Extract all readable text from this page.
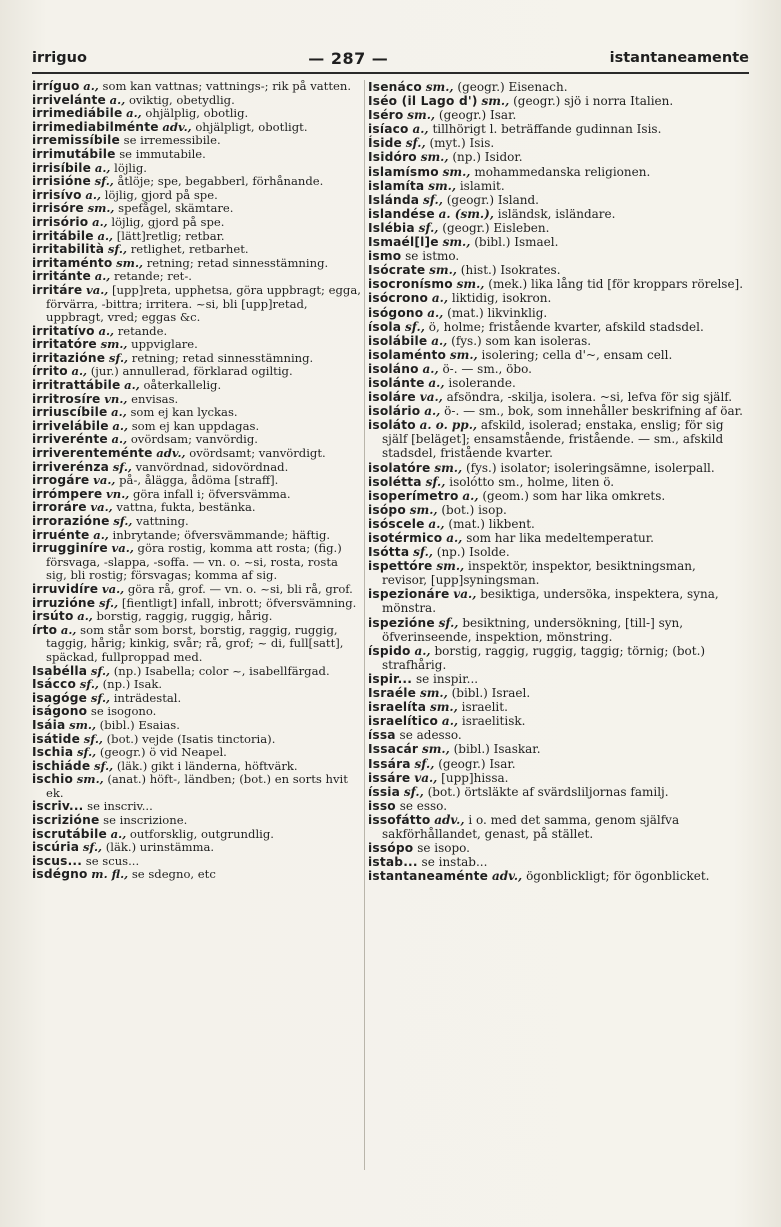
irriguo	— 287 —	istantaneamente

irríguo a., som kan vattnas; vattnings-; rik på vatten.

irrivelánte a., oviktig, obetydlig.

irrimediábile a., ohjälplig, obotlig.

irrimediabilménte adv., ohjälpligt, obotligt.

irremissíbile se irremessibile.

irrimutábile se immutabile.

irrisíbile a., löjlig.

irrisióne sf., åtlöje; spe, begabberl, förhånande.

irrisívo a., löjlig, gjord på spe.

irrisóre sm., spefågel, skämtare.

irrisório a., löjlig, gjord på spe.

irritábile a., [lätt]retlig; retbar.

irritabilità sf., retlighet, retbarhet.

irritaménto sm., retning; retad sinnesstämning.

irritánte a., retande; ret-.

irritáre va., [upp]reta, upphetsa, göra uppbragt; egga, förvärra, -bittra; irritera. ~si, bli [upp]retad, uppbragt, vred; eggas &c.

irritatívo a., retande.

irritatóre sm., uppviglare.

irritazióne sf., retning; retad sinnesstämning.

írrito a., (jur.) annullerad, förklarad ogiltig.

irritrattábile a., oåterkallelig.

irritrosíre vn., envisas.

irriuscíbile a., som ej kan lyckas.

irrivelábile a., som ej kan uppdagas.

irriverénte a., ovördsam; vanvördig.

irriverenteménte adv., ovördsamt; vanvördigt.

irriverénza sf., vanvördnad, sidovördnad.

irrogáre va., på-, ålägga, ådöma [straff].

irrómpere vn., göra infall i; öfversvämma.

irroráre va., vattna, fukta, bestänka.

irrorazióne sf., vattning.

irruénte a., inbrytande; öfversvämmande; häftig.

irrugginíre va., göra rostig, komma att rosta; (fig.) försvaga, -slappa, -soffa. — vn. o. ~si, rosta, rosta sig, bli rostig; försvagas; komma af sig.

irruvidíre va., göra rå, grof. — vn. o. ~si, bli rå, grof.

irruzióne sf., [fientligt] infall, inbrott; öfversvämning.

irsúto a., borstig, raggig, ruggig, hårig.

írto a., som står som borst, borstig, raggig, ruggig, taggig, hårig; kinkig, svår; rå, grof; ~ di, full[satt], späckad, fullproppad med.

Isabélla sf., (np.) Isabella; color ~, isabellfärgad.

Isácco sf., (np.) Isak.

isagóge sf., inträdestal.

iságono se isogono.

Isáia sm., (bibl.) Esaias.

isátide sf., (bot.) vejde (Isatis tinctoria).

Ischia sf., (geogr.) ö vid Neapel.

ischiáde sf., (läk.) gikt i länderna, höftvärk.

ischio sm., (anat.) höft-, ländben; (bot.) en sorts hvit ek.

iscriv... se inscriv...

iscrizióne se inscrizione.

iscrutábile a., outforsklig, outgrundlig.

iscúria sf., (läk.) urinstämma.

iscus... se scus...

isdégno m. fl., se sdegno, etc

Isenáco sm., (geogr.) Eisenach.

Iséo (il Lago d') sm., (geogr.) sjö i norra Italien.

Iséro sm., (geogr.) Isar.

isíaco a., tillhörigt l. beträffande gudinnan Isis.

Íside sf., (myt.) Isis.

Isidóro sm., (np.) Isidor.

islamísmo sm., mohammedanska religionen.

islamíta sm., islamit.

Islánda sf., (geogr.) Island.

islandése a. (sm.), isländsk, isländare.

Islébia sf., (geogr.) Eisleben.

Ismaél[l]e sm., (bibl.) Ismael.

ismo se istmo.

Isócrate sm., (hist.) Isokrates.

isocronísmo sm., (mek.) lika lång tid [för kroppars rörelse].

isócrono a., liktidig, isokron.

isógono a., (mat.) likvinklig.

ísola sf., ö, holme; fristående kvarter, afskild stadsdel.

isolábile a., (fys.) som kan isoleras.

isolaménto sm., isolering; cella d'~, ensam cell.

isoláno a., ö-. — sm., öbo.

isolánte a., isolerande.

isoláre va., afsöndra, -skilja, isolera. ~si, lefva för sig själf.

isolário a., ö-. — sm., bok, som innehåller beskrifning af öar.

isoláto a. o. pp., afskild, isolerad; enstaka, enslig; för sig själf [beläget]; ensamstående, fristående. — sm., afskild stadsdel, fristående kvarter.

isolatóre sm., (fys.) isolator; isoleringsämne, isolerpall.

isolétta sf., isolótto sm., holme, liten ö.

isoperímetro a., (geom.) som har lika omkrets.

isópo sm., (bot.) isop.

isóscele a., (mat.) likbent.

isotérmico a., som har lika medeltemperatur.

Isótta sf., (np.) Isolde.

ispettóre sm., inspektör, inspektor, besiktningsman, revisor, [upp]syningsman.

ispezionáre va., besiktiga, undersöka, inspektera, syna, mönstra.

ispezióne sf., besiktning, undersökning, [till-] syn, öfverinseende, inspektion, mönstring.

íspido a., borstig, raggig, ruggig, taggig; törnig; (bot.) strafhårig.

ispir... se inspir...

Israéle sm., (bibl.) Israel.

israelíta sm., israelit.

israelítico a., israelitisk.

íssa se adesso.

Issacár sm., (bibl.) Isaskar.

Issára sf., (geogr.) Isar.

issáre va., [upp]hissa.

íssia sf., (bot.) örtsläkte af svärdsliljornas familj.

isso se esso.

issofátto adv., i o. med det samma, genom själfva sakförhållandet, genast, på stället.

issópo se isopo.

istab... se instab...

istantaneaménte adv., ögonblickligt; för ögonblicket.
